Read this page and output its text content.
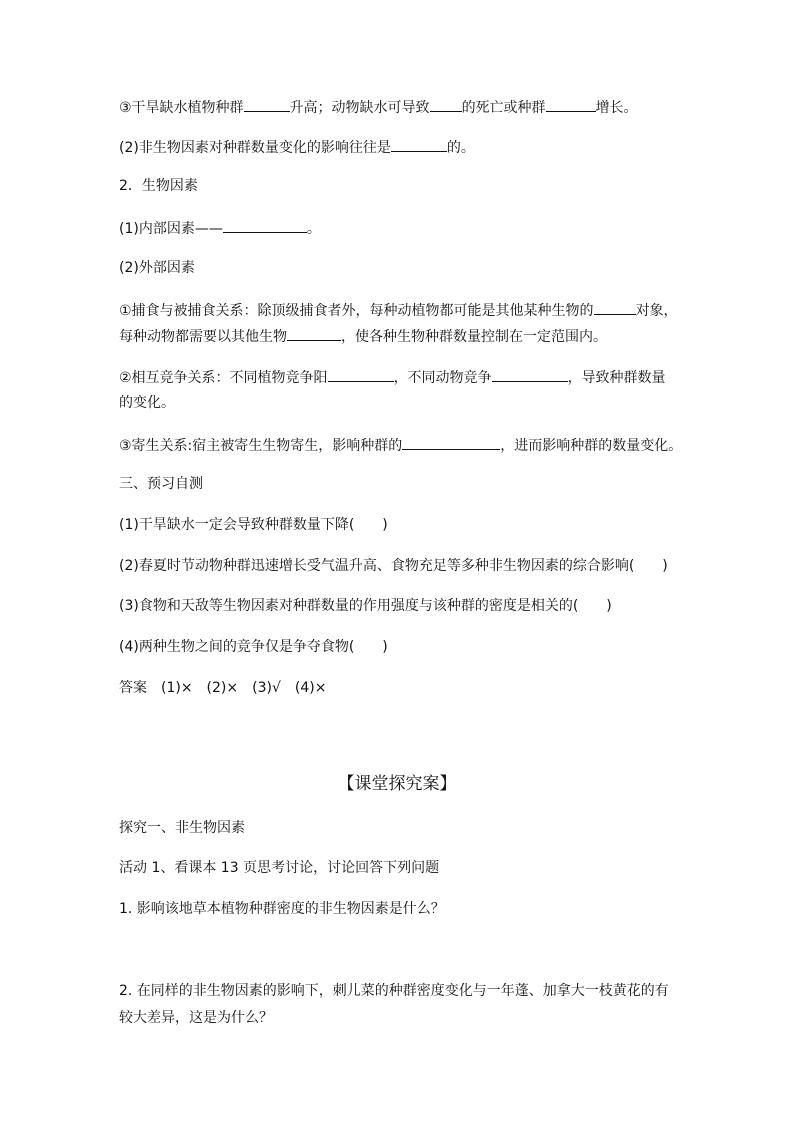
③干旱缺水植物种群	升高；动物缺水可导致 的死亡或种群	增长。
(2)非生物因素对种群数量变化的影响往往是	的。
2．生物因素
(1)内部因素——	。
(2)外部因素
①捕食与被捕食关系：除顶级捕食者外，每种动植物都可能是其他某种生物的	对象，
每种动物都需要以其他生物	，使各种生物种群数量控制在一定范围内。
②相互竞争关系：不同植物竞争阳	，不同动物竞争	，导致种群数量
的变化。
③寄生关系:宿主被寄生生物寄生，影响种群的	，进而影响种群的数量变化。
三、预习自测
(1)干旱缺水一定会导致种群数量下降(　　)
(2)春夏时节动物种群迅速增长受气温升高、食物充足等多种非生物因素的综合影响(　　)
(3)食物和天敌等生物因素对种群数量的作用强度与该种群的密度是相关的(　　)
(4)两种生物之间的竞争仅是争夺食物(　　)
答案　(1)×　(2)×　(3)√　(4)×
【课堂探究案】
探究一、非生物因素
活动 1、看课本 13 页思考讨论，讨论回答下列问题
1. 影响该地草本植物种群密度的非生物因素是什么？
2. 在同样的非生物因素的影响下，刺儿菜的种群密度变化与一年蓬、加拿大一枝黄花的有
较大差异，这是为什么？
